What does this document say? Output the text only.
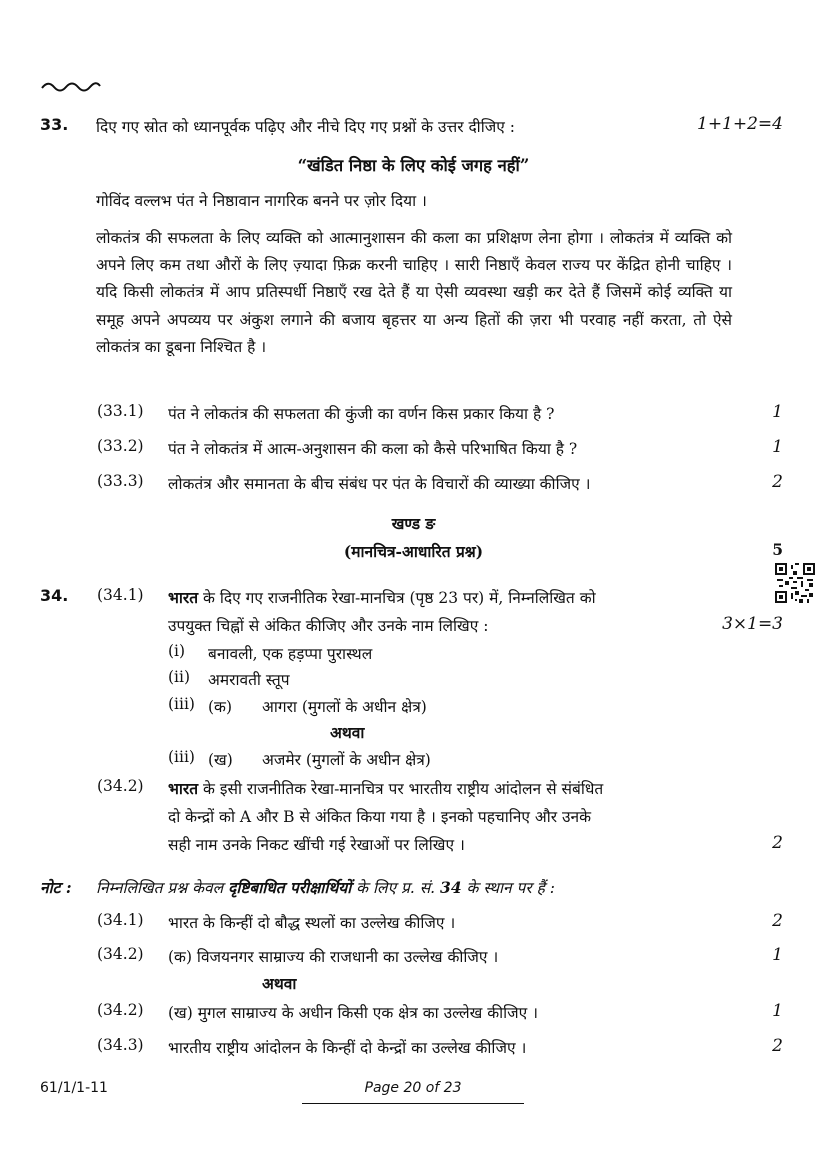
33. दिए गए स्रोत को ध्यानपूर्वक पढ़िए और नीचे दिए गए प्रश्नों के उत्तर दीजिए :	1+1+2=4
“खंडित निष्ठा के लिए कोई जगह नहीं”
गोविंद वल्लभ पंत ने निष्ठावान नागरिक बनने पर ज़ोर दिया ।
लोकतंत्र की सफलता के लिए व्यक्ति को आत्मानुशासन की कला का प्रशिक्षण लेना होगा । लोकतंत्र में व्यक्ति को अपने लिए कम तथा औरों के लिए ज़्यादा फ़िक्र करनी चाहिए । सारी निष्ठाएँ केवल राज्य पर केंद्रित होनी चाहिए । यदि किसी लोकतंत्र में आप प्रतिस्पर्धी निष्ठाएँ रख देते हैं या ऐसी व्यवस्था खड़ी कर देते हैं जिसमें कोई व्यक्ति या समूह अपने अपव्यय पर अंकुश लगाने की बजाय बृहत्तर या अन्य हितों की ज़रा भी परवाह नहीं करता, तो ऐसे लोकतंत्र का डूबना निश्चित है ।
(33.1) पंत ने लोकतंत्र की सफलता की कुंजी का वर्णन किस प्रकार किया है ?	1
(33.2) पंत ने लोकतंत्र में आत्म-अनुशासन की कला को कैसे परिभाषित किया है ?	1
(33.3) लोकतंत्र और समानता के बीच संबंध पर पंत के विचारों की व्याख्या कीजिए ।	2
खण्ड ङ
(मानचित्र-आधारित प्रश्न)	5
34. (34.1) भारत के दिए गए राजनीतिक रेखा-मानचित्र (पृष्ठ 23 पर) में, निम्नलिखित को
उपयुक्त चिह्नों से अंकित कीजिए और उनके नाम लिखिए :	3×1=3
(i) बनावली, एक हड़प्पा पुरास्थल
(ii) अमरावती स्तूप
(iii) (क) आगरा (मुगलों के अधीन क्षेत्र)
अथवा
(iii) (ख) अजमेर (मुगलों के अधीन क्षेत्र)
(34.2) भारत के इसी राजनीतिक रेखा-मानचित्र पर भारतीय राष्ट्रीय आंदोलन से संबंधित
दो केन्द्रों को A और B से अंकित किया गया है । इनको पहचानिए और उनके
सही नाम उनके निकट खींची गई रेखाओं पर लिखिए ।	2
नोट : निम्नलिखित प्रश्न केवल दृष्टिबाधित परीक्षार्थियों के लिए प्र. सं. 34 के स्थान पर हैं :
(34.1) भारत के किन्हीं दो बौद्ध स्थलों का उल्लेख कीजिए ।	2
(34.2) (क) विजयनगर साम्राज्य की राजधानी का उल्लेख कीजिए ।	1
अथवा
(34.2) (ख) मुगल साम्राज्य के अधीन किसी एक क्षेत्र का उल्लेख कीजिए ।	1
(34.3) भारतीय राष्ट्रीय आंदोलन के किन्हीं दो केन्द्रों का उल्लेख कीजिए ।	2
61/1/1-11	Page 20 of 23
